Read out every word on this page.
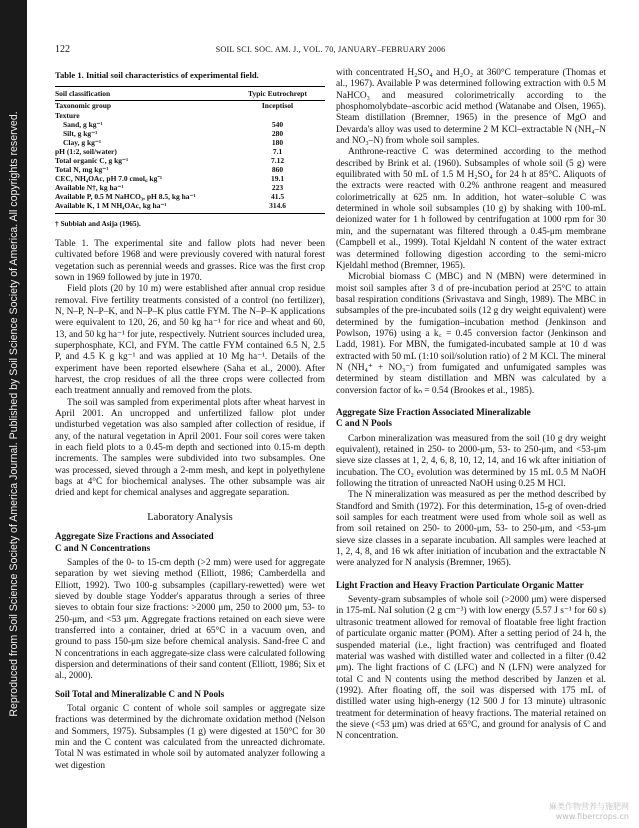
Reproduced from Soil Science Society of America Journal. Published by Soil Science Society of America. All copyrights reserved.
122	SOIL SCI. SOC. AM. J., VOL. 70, JANUARY–FEBRUARY 2006
Table 1. Initial soil characteristics of experimental field.
Soil classification	Typic Eutrochrept
Taxonomic group	Inceptisol
Texture	
Sand, g kg⁻¹	540
Silt, g kg⁻¹	280
Clay, g kg⁻¹	180
pH (1:2, soil/water)	7.1
Total organic C, g kg⁻¹	7.12
Total N, mg kg⁻¹	860
CEC, NH₄OAc, pH 7.0 cmol꜀ kg⁻¹	19.1
Available N†, kg ha⁻¹	223
Available P, 0.5 M NaHCO₃, pH 8.5, kg ha⁻¹	41.5
Available K, 1 M NH₄OAc, kg ha⁻¹	314.6
† Subbiah and Asija (1965).

Table 1. The experimental site and fallow plots had never been cultivated before 1968 and were previously covered with natural forest vegetation such as perennial weeds and grasses. Rice was the first crop sown in 1969 followed by jute in 1970.

Field plots (20 by 10 m) were established after annual crop residue removal. Five fertility treatments consisted of a control (no fertilizer), N, N–P, N–P–K, and N–P–K plus cattle FYM. The N–P–K applications were equivalent to 120, 26, and 50 kg ha⁻¹ for rice and wheat and 60, 13, and 50 kg ha⁻¹ for jute, respectively. Nutrient sources included urea, superphosphate, KCl, and FYM. The cattle FYM contained 6.5 N, 2.5 P, and 4.5 K g kg⁻¹ and was applied at 10 Mg ha⁻¹. Details of the experiment have been reported elsewhere (Saha et al., 2000). After harvest, the crop residues of all the three crops were collected from each treatment annually and removed from the plots.

The soil was sampled from experimental plots after wheat harvest in April 2001. An uncropped and unfertilized fallow plot under undisturbed vegetation was also sampled after collection of residue, if any, of the natural vegetation in April 2001. Four soil cores were taken in each field plots to a 0.45-m depth and sectioned into 0.15-m depth increments. The samples were subdivided into two subsamples. One was processed, sieved through a 2-mm mesh, and kept in polyethylene bags at 4°C for biochemical analyses. The other subsample was air dried and kept for chemical analyses and aggregate separation.

Laboratory Analysis
Aggregate Size Fractions and Associated
C and N Concentrations

Samples of the 0- to 15-cm depth (>2 mm) were used for aggregate separation by wet sieving method (Elliott, 1986; Camberdella and Elliott, 1992). Two 100-g subsamples (capillary-rewetted) were wet sieved by double stage Yodder's apparatus through a series of three sieves to obtain four size fractions: >2000 μm, 250 to 2000 μm, 53- to 250-μm, and <53 μm. Aggregate fractions retained on each sieve were transferred into a container, dried at 65°C in a vacuum oven, and ground to pass 150-μm size before chemical analysis. Sand-free C and N concentrations in each aggregate-size class were calculated following dispersion and determinations of their sand content (Elliott, 1986; Six et al., 2000).

Soil Total and Mineralizable C and N Pools

Total organic C content of whole soil samples or aggregate size fractions was determined by the dichromate oxidation method (Nelson and Sommers, 1975). Subsamples (1 g) were digested at 150°C for 30 min and the C content was calculated from the unreacted dichromate. Total N was estimated in whole soil by automated analyzer following a wet digestion

with concentrated H₂SO₄ and H₂O₂ at 360°C temperature (Thomas et al., 1967). Available P was determined following extraction with 0.5 M NaHCO₃ and measured colorimetrically according to the phosphomolybdate–ascorbic acid method (Watanabe and Olsen, 1965). Steam distillation (Bremner, 1965) in the presence of MgO and Devarda's alloy was used to determine 2 M KCl–extractable N (NH₄–N and NO₃–N) from whole soil samples.

Anthrone-reactive C was determined according to the method described by Brink et al. (1960). Subsamples of whole soil (5 g) were equilibrated with 50 mL of 1.5 M H₂SO₄ for 24 h at 85°C. Aliquots of the extracts were reacted with 0.2% anthrone reagent and measured colorimetrically at 625 nm. In addition, hot water–soluble C was determined in whole soil subsamples (10 g) by shaking with 100-mL deionized water for 1 h followed by centrifugation at 1000 rpm for 30 min, and the supernatant was filtered through a 0.45-μm membrane (Campbell et al., 1999). Total Kjeldahl N content of the water extract was determined following digestion according to the semi-micro Kjeldahl method (Bremner, 1965).

Microbial biomass C (MBC) and N (MBN) were determined in moist soil samples after 3 d of pre-incubation period at 25°C to attain basal respiration conditions (Srivastava and Singh, 1989). The MBC in subsamples of the pre-incubated soils (12 g dry weight equivalent) were determined by the fumigation–incubation method (Jenkinson and Powlson, 1976) using a k꜀ = 0.45 conversion factor (Jenkinson and Ladd, 1981). For MBN, the fumigated-incubated sample at 10 d was extracted with 50 mL (1:10 soil/solution ratio) of 2 M KCl. The mineral N (NH₄⁺ + NO₃⁻) from fumigated and unfumigated samples was determined by steam distillation and MBN was calculated by a conversion factor of kₙ = 0.54 (Brookes et al., 1985).

Aggregate Size Fraction Associated Mineralizable
C and N Pools

Carbon mineralization was measured from the soil (10 g dry weight equivalent), retained in 250- to 2000-μm, 53- to 250-μm, and <53-μm sieve size classes at 1, 2, 4, 6, 8, 10, 12, 14, and 16 wk after initiation of incubation. The CO₂ evolution was determined by 15 mL 0.5 M NaOH following the titration of unreacted NaOH using 0.25 M HCl.

The N mineralization was measured as per the method described by Standford and Smith (1972). For this determination, 15-g of oven-dried soil samples for each treatment were used from whole soil as well as from soil retained on 250- to 2000-μm, 53- to 250-μm, and <53-μm sieve size classes in a separate incubation. All samples were leached at 1, 2, 4, 8, and 16 wk after initiation of incubation and the extractable N were analyzed for N analysis (Bremner, 1965).

Light Fraction and Heavy Fraction Particulate Organic Matter

Seventy-gram subsamples of whole soil (>2000 μm) were dispersed in 175-mL NaI solution (2 g cm⁻³) with low energy (5.57 J s⁻¹ for 60 s) ultrasonic treatment allowed for removal of floatable free light fraction of particulate organic matter (POM). After a setting period of 24 h, the suspended material (i.e., light fraction) was centrifuged and floated material was washed with distilled water and collected in a filter (0.42 μm). The light fractions of C (LFC) and N (LFN) were analyzed for total C and N contents using the method described by Janzen et al. (1992). After floating off, the soil was dispersed with 175 mL of distilled water using high-energy (12 500 J for 13 minute) ultrasonic treatment for determination of heavy fractions. The material retained on the sieve (<53 μm) was dried at 65°C, and ground for analysis of C and N concentration.

麻类作物营养与施肥网
www.fibercrops.cn
